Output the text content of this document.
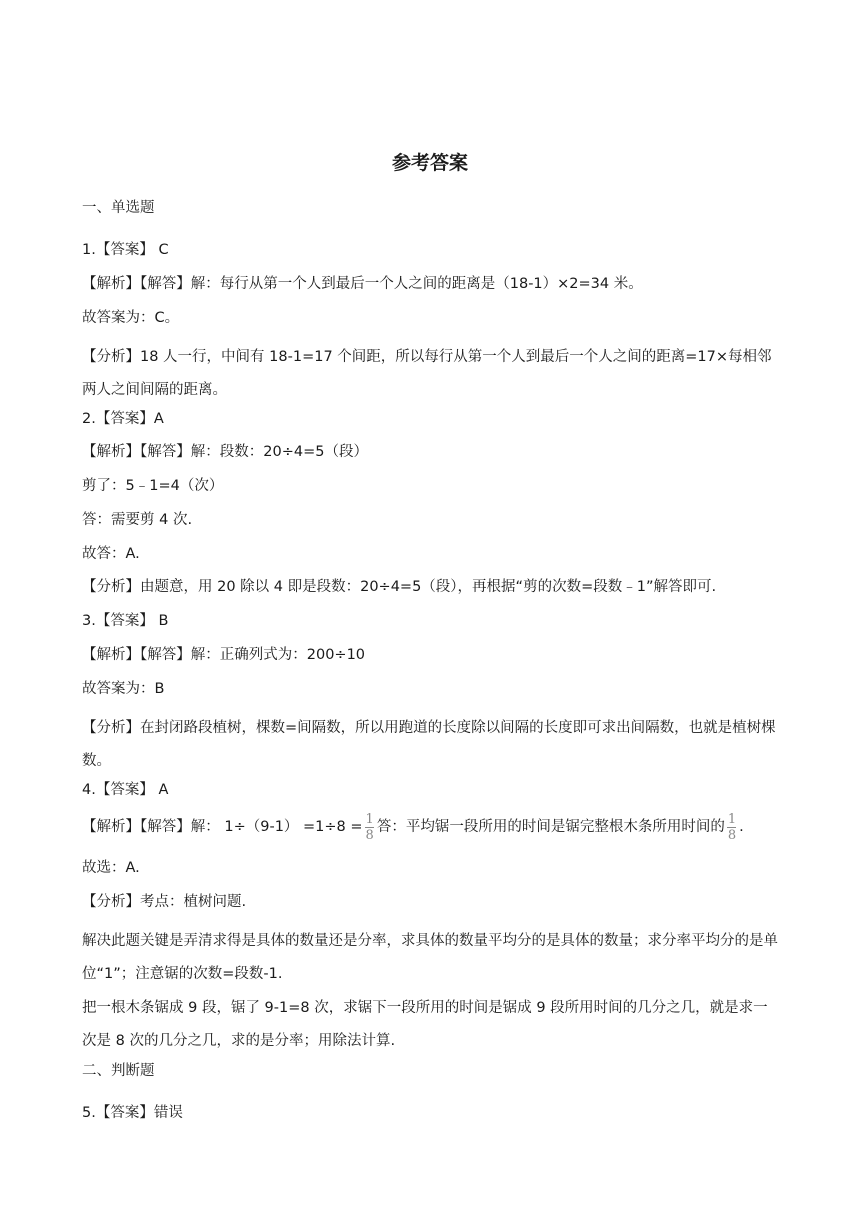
参考答案
一、单选题
1.【答案】 C
【解析】【解答】解：每行从第一个人到最后一个人之间的距离是（18-1）×2=34 米。
故答案为：C。
【分析】18 人一行，中间有 18-1=17 个间距，所以每行从第一个人到最后一个人之间的距离=17×每相邻两人之间间隔的距离。
2.【答案】A
【解析】【解答】解：段数：20÷4=5（段）
剪了：5﹣1=4（次）
答：需要剪 4 次.
故答：A.
【分析】由题意，用 20 除以 4 即是段数：20÷4=5（段），再根据“剪的次数=段数﹣1”解答即可.
3.【答案】 B
【解析】【解答】解：正确列式为：200÷10
故答案为：B
【分析】在封闭路段植树，棵数=间隔数，所以用跑道的长度除以间隔的长度即可求出间隔数，也就是植树棵数。
4.【答案】 A
【解析】【解答】解： $1\div(9-1) =1\div 8 = \frac{1}{8}$ 答：平均锯一段所用的时间是锯完整根木条所用时间的 $\frac{1}{8}$ .
故选：A.
【分析】考点：植树问题.
解决此题关键是弄清求得是具体的数量还是分率，求具体的数量平均分的是具体的数量；求分率平均分的是单位“1”；注意锯的次数=段数-1.
把一根木条锯成 9 段，锯了 9-1=8 次，求锯下一段所用的时间是锯成 9 段所用时间的几分之几，就是求一次是 8 次的几分之几，求的是分率；用除法计算.
二、判断题
5.【答案】错误
